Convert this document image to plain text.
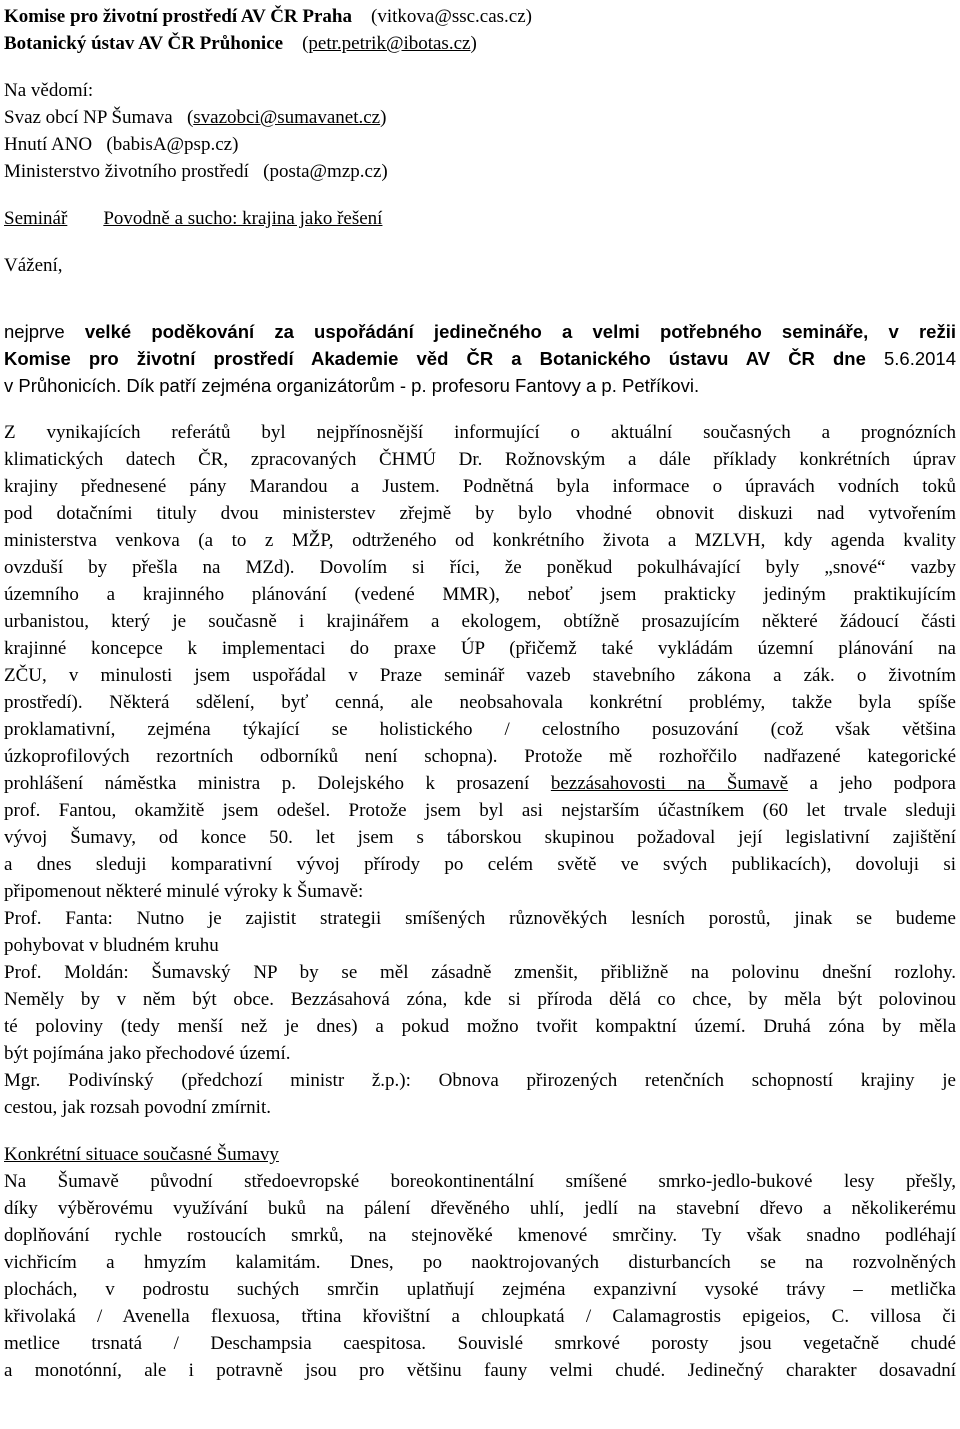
Komise pro životní prostředí AV ČR Praha (vitkova@ssc.cas.cz)
Botanický ústav AV ČR Průhonice (petr.petrik@ibotas.cz)
Na vědomí:
Svaz obcí NP Šumava (svazobci@sumavanet.cz)
Hnutí ANO (babisA@psp.cz)
Ministerstvo životního prostředí (posta@mzp.cz)
Seminář Povodně a sucho: krajina jako řešení
Vážení,
nejprve velké poděkování za uspořádání jedinečného a velmi potřebného semináře, v režii
Komise pro životní prostředí Akademie věd ČR a Botanického ústavu AV ČR dne 5.6.2014
v Průhonicích. Dík patří zejména organizátorům - p. profesoru Fantovy a p. Petříkovi.
Z vynikajících referátů byl nejpřínosnější informující o aktuální současných a prognózních
klimatických datech ČR, zpracovaných ČHMÚ Dr. Rožnovským a dále příklady konkrétních úprav
krajiny přednesené pány Marandou a Justem. Podnětná byla informace o úpravách vodních toků
pod dotačními tituly dvou ministerstev zřejmě by bylo vhodné obnovit diskuzi nad vytvořením
ministerstva venkova (a to z MŽP, odtrženého od konkrétního života a MZLVH, kdy agenda kvality
ovzduší by přešla na MZd). Dovolím si říci, že poněkud pokulhávající byly „snové“ vazby
územního a krajinného plánování (vedené MMR), neboť jsem prakticky jediným praktikujícím
urbanistou, který je současně i krajinářem a ekologem, obtížně prosazujícím některé žádoucí části
krajinné koncepce k implementaci do praxe ÚP (přičemž také vykládám územní plánování na
ZČU, v minulosti jsem uspořádal v Praze seminář vazeb stavebního zákona a zák. o životním
prostředí). Některá sdělení, byť cenná, ale neobsahovala konkrétní problémy, takže byla spíše
proklamativní, zejména týkající se holistického / celostního posuzování (což však většina
úzkoprofilových rezortních odborníků není schopna). Protože mě rozhořčilo nadřazené kategorické
prohlášení náměstka ministra p. Dolejského k prosazení bezzásahovosti na Šumavě a jeho podpora
prof. Fantou, okamžitě jsem odešel. Protože jsem byl asi nejstarším účastníkem (60 let trvale sleduji
vývoj Šumavy, od konce 50. let jsem s táborskou skupinou požadoval její legislativní zajištění
a dnes sleduji komparativní vývoj přírody po celém světě ve svých publikacích), dovoluji si
připomenout některé minulé výroky k Šumavě:
Prof. Fanta: Nutno je zajistit strategii smíšených různověkých lesních porostů, jinak se budeme
pohybovat v bludném kruhu
Prof. Moldán: Šumavský NP by se měl zásadně zmenšit, přibližně na polovinu dnešní rozlohy.
Neměly by v něm být obce. Bezzásahová zóna, kde si příroda dělá co chce, by měla být polovinou
té poloviny (tedy menší než je dnes) a pokud možno tvořit kompaktní území. Druhá zóna by měla
být pojímána jako přechodové území.
Mgr. Podivínský (předchozí ministr ž.p.): Obnova přirozených retenčních schopností krajiny je
cestou, jak rozsah povodní zmírnit.
Konkrétní situace současné Šumavy
Na Šumavě původní středoevropské boreokontinentální smíšené smrko-jedlo-bukové lesy přešly,
díky výběrovému využívání buků na pálení dřevěného uhlí, jedlí na stavební dřevo a několikerému
doplňování rychle rostoucích smrků, na stejnověké kmenové smrčiny. Ty však snadno podléhají
vichřicím a hmyzím kalamitám. Dnes, po naoktrojovaných disturbancích se na rozvolněných
plochách, v podrostu suchých smrčin uplatňují zejména expanzivní vysoké trávy – metlička
křivolaká / Avenella flexuosa, třtina křovištní a chloupkatá / Calamagrostis epigeios, C. villosa či
metlice trsnatá / Deschampsia caespitosa. Souvislé smrkové porosty jsou vegetačně chudé
a monotónní, ale i potravně jsou pro většinu fauny velmi chudé. Jedinečný charakter dosavadní
